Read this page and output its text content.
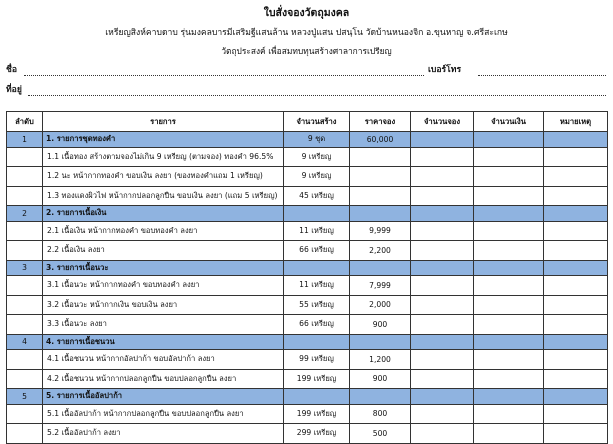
ใบสั่งจองวัตถุมงคล
เหรียญสิงห์คาบดาบ รุ่นมงคลบารมีเสริมฐีแสนล้าน หลวงปู่แสน ปสนฺโน วัดบ้านหนองจิก อ.ขุนหาญ จ.ศรีสะเกษ
วัตถุประสงค์ เพื่อสมทบทุนสร้างศาลาการเปรียญ
ชื่อ	เบอร์โทร
ที่อยู่
ลำดับ	รายการ	จำนวนสร้าง	ราคาจอง	จำนวนจอง	จำนวนเงิน	หมายเหตุ
1	1. รายการชุดทองคำ	9 ชุด	60,000			
	1.1 เนื้อทอง สร้างตามจองไม่เกิน 9 เหรียญ (ตามจอง) ทองคำ 96.5%	9 เหรียญ				
	1.2 นะ หน้ากากทองคำ ขอบเงิน ลงยา (ของทองคำแถม 1 เหรียญ)	9 เหรียญ				
	1.3 ทองแดงผิวไฟ หน้ากากปลอกลูกปืน ขอบเงิน ลงยา (แถม 5 เหรียญ)	45 เหรียญ				
2	2. รายการเนื้อเงิน					
	2.1 เนื้อเงิน หน้ากากทองคำ ขอบทองคำ ลงยา	11 เหรียญ	9,999			
	2.2 เนื้อเงิน ลงยา	66 เหรียญ	2,200			
3	3. รายการเนื้อนวะ					
	3.1 เนื้อนวะ หน้ากากทองคำ ขอบทองคำ ลงยา	11 เหรียญ	7,999			
	3.2 เนื้อนวะ หน้ากากเงิน ขอบเงิน ลงยา	55 เหรียญ	2,000			
	3.3 เนื้อนวะ ลงยา	66 เหรียญ	900			
4	4. รายการเนื้อชนวน					
	4.1 เนื้อชนวน หน้ากากอัลปาก้า ขอบอัลปาก้า ลงยา	99 เหรียญ	1,200			
	4.2 เนื้อชนวน หน้ากากปลอกลูกปืน ขอบปลอกลูกปืน ลงยา	199 เหรียญ	900			
5	5. รายการเนื้ออัลปาก้า					
	5.1 เนื้ออัลปาก้า หน้ากากปลอกลูกปืน ขอบปลอกลูกปืน ลงยา	199 เหรียญ	800			
	5.2 เนื้ออัลปาก้า ลงยา	299 เหรียญ	500			
